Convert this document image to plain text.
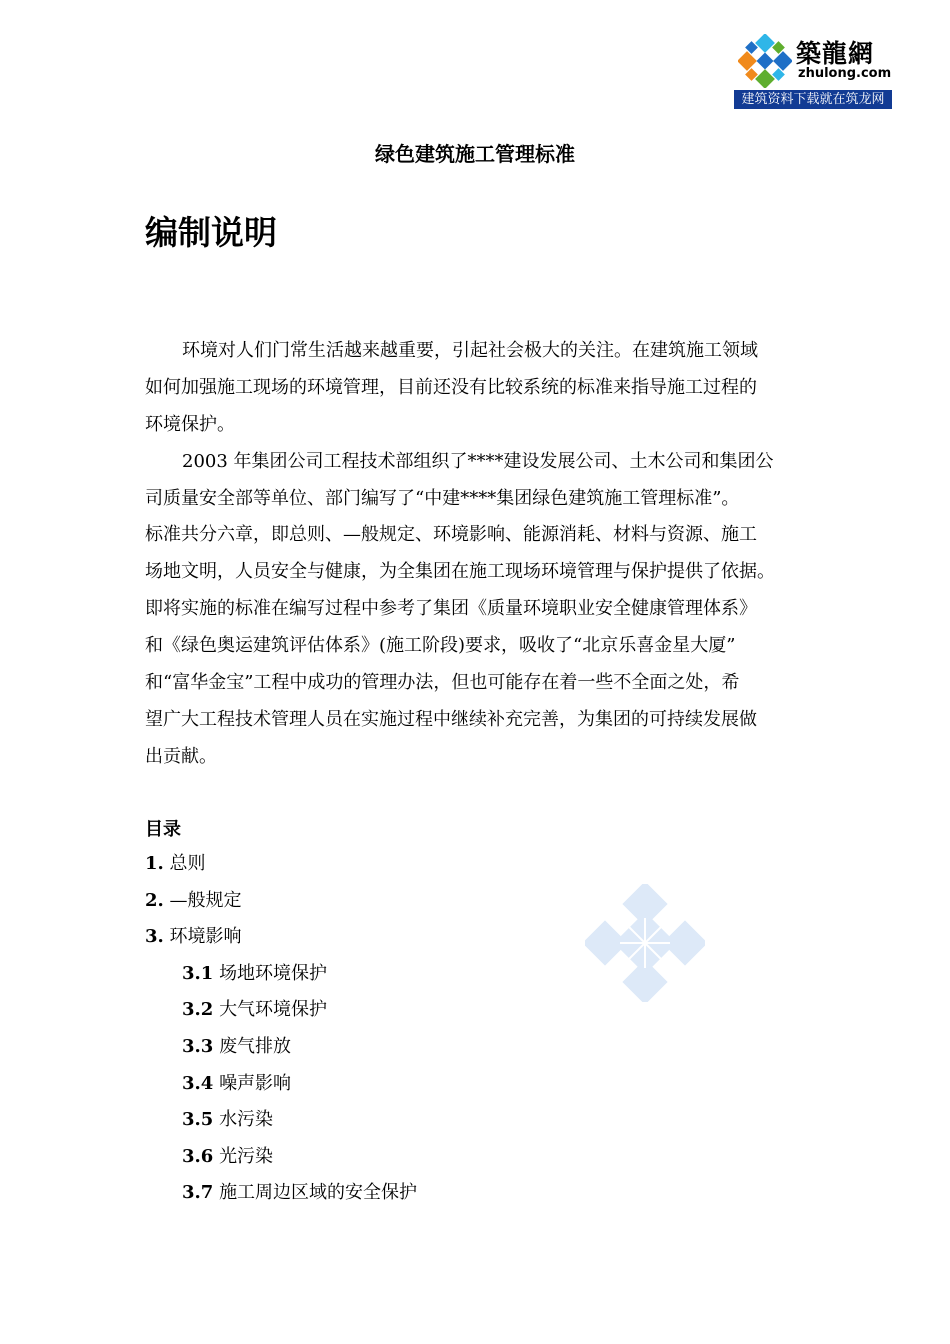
築龍網
zhulong.com
建筑资料下载就在筑龙网
绿色建筑施工管理标准
编制说明
环境对人们门常生活越来越重要，引起社会极大的关注。在建筑施工领域
如何加强施工现场的环境管理，目前还没有比较系统的标准来指导施工过程的
环境保护。
2003 年集团公司工程技术部组织了****建设发展公司、土木公司和集团公
司质量安全部等单位、部门编写了“中建****集团绿色建筑施工管理标准”。
标准共分六章，即总则、—般规定、环境影响、能源消耗、材料与资源、施工
场地文明，人员安全与健康，为全集团在施工现场环境管理与保护提供了依据。
即将实施的标准在编写过程中参考了集团《质量环境职业安全健康管理体系》
和《绿色奥运建筑评估体系》(施工阶段)要求，吸收了“北京乐喜金星大厦”
和“富华金宝”工程中成功的管理办法，但也可能存在着一些不全面之处，希
望广大工程技术管理人员在实施过程中继续补充完善，为集团的可持续发展做
出贡献。
目录
1. 总则
2. —般规定
3. 环境影响
3.1 场地环境保护
3.2 大气环境保护
3.3 废气排放
3.4 噪声影响
3.5 水污染
3.6 光污染
3.7 施工周边区域的安全保护
